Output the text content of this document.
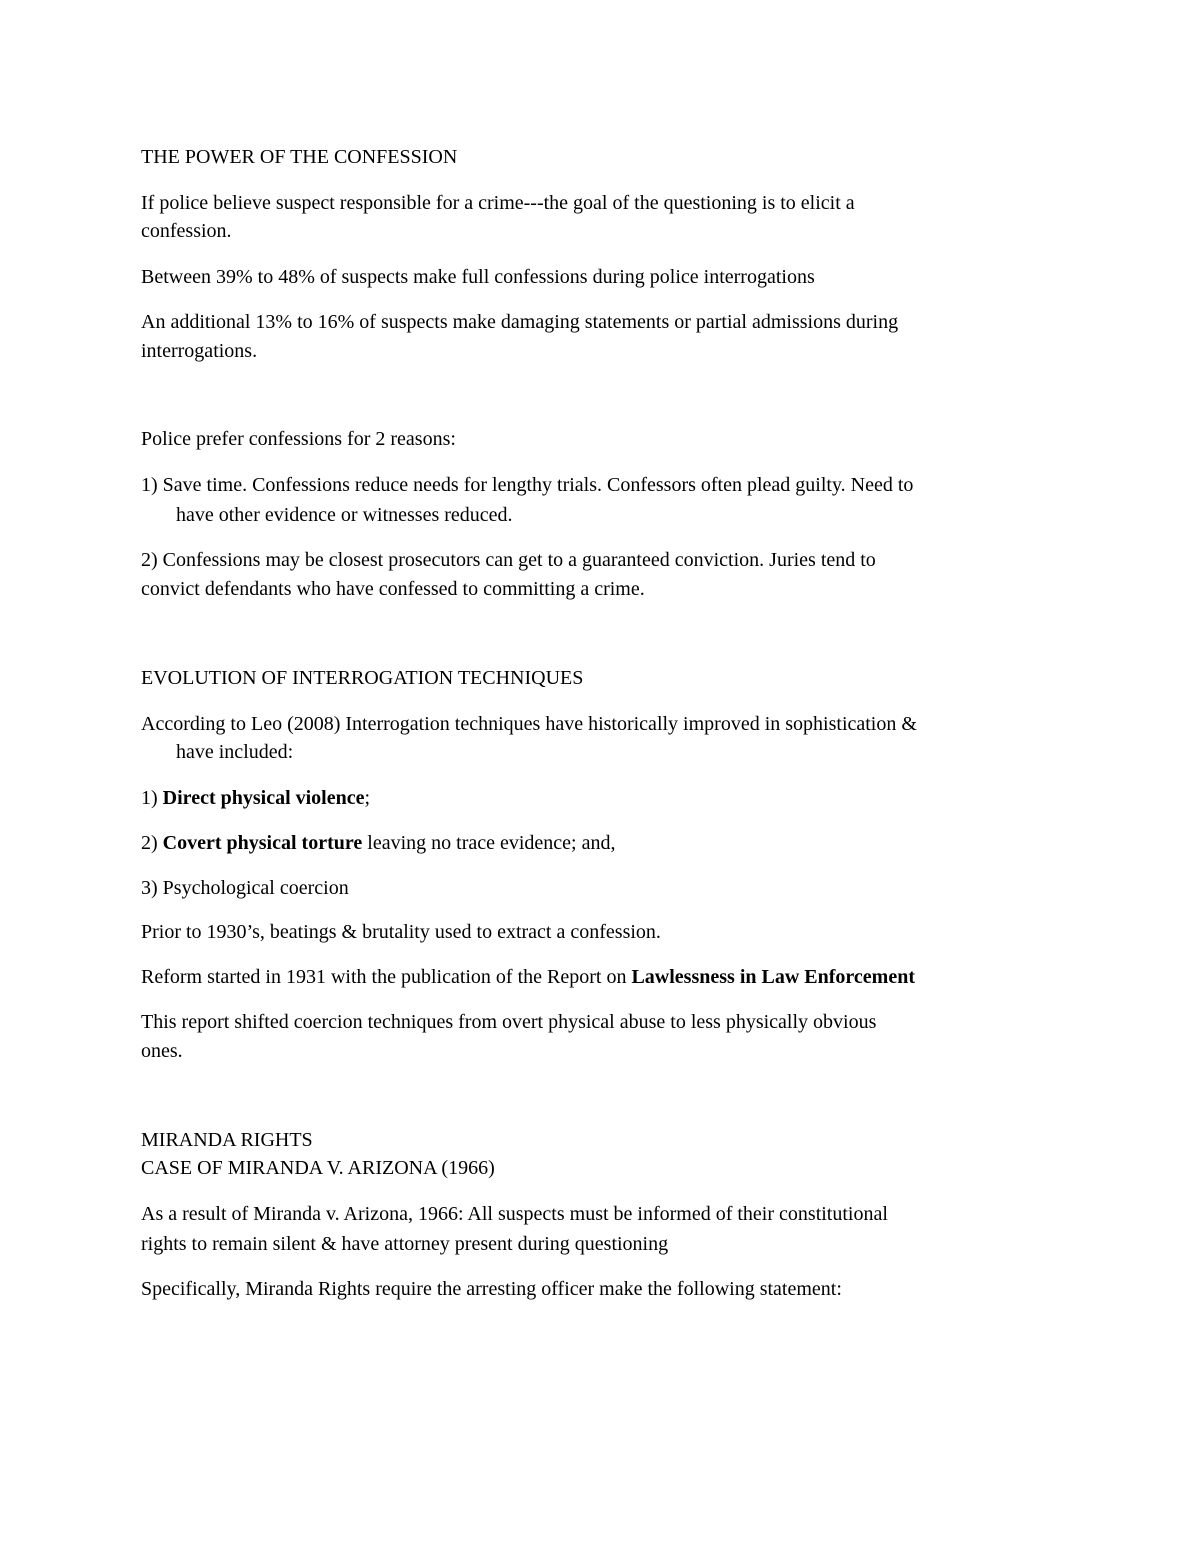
THE POWER OF THE CONFESSION

If police believe suspect responsible for a crime---the goal of the questioning is to elicit a

confession.

Between 39% to 48% of suspects make full confessions during police interrogations

An additional 13% to 16% of suspects make damaging statements or partial admissions during

interrogations.

Police prefer confessions for 2 reasons:

1) Save time. Confessions reduce needs for lengthy trials. Confessors often plead guilty. Need to

have other evidence or witnesses reduced.

2) Confessions may be closest prosecutors can get to a guaranteed conviction. Juries tend to

convict defendants who have confessed to committing a crime.

EVOLUTION OF INTERROGATION TECHNIQUES

According to Leo (2008) Interrogation techniques have historically improved in sophistication &

have included:

1) Direct physical violence;

2) Covert physical torture leaving no trace evidence; and,

3) Psychological coercion

Prior to 1930’s, beatings & brutality used to extract a confession.

Reform started in 1931 with the publication of the Report on Lawlessness in Law Enforcement

This report shifted coercion techniques from overt physical abuse to less physically obvious

ones.

MIRANDA RIGHTS

CASE OF MIRANDA V. ARIZONA (1966)

As a result of Miranda v. Arizona, 1966: All suspects must be informed of their constitutional

rights to remain silent & have attorney present during questioning

Specifically, Miranda Rights require the arresting officer make the following statement:
